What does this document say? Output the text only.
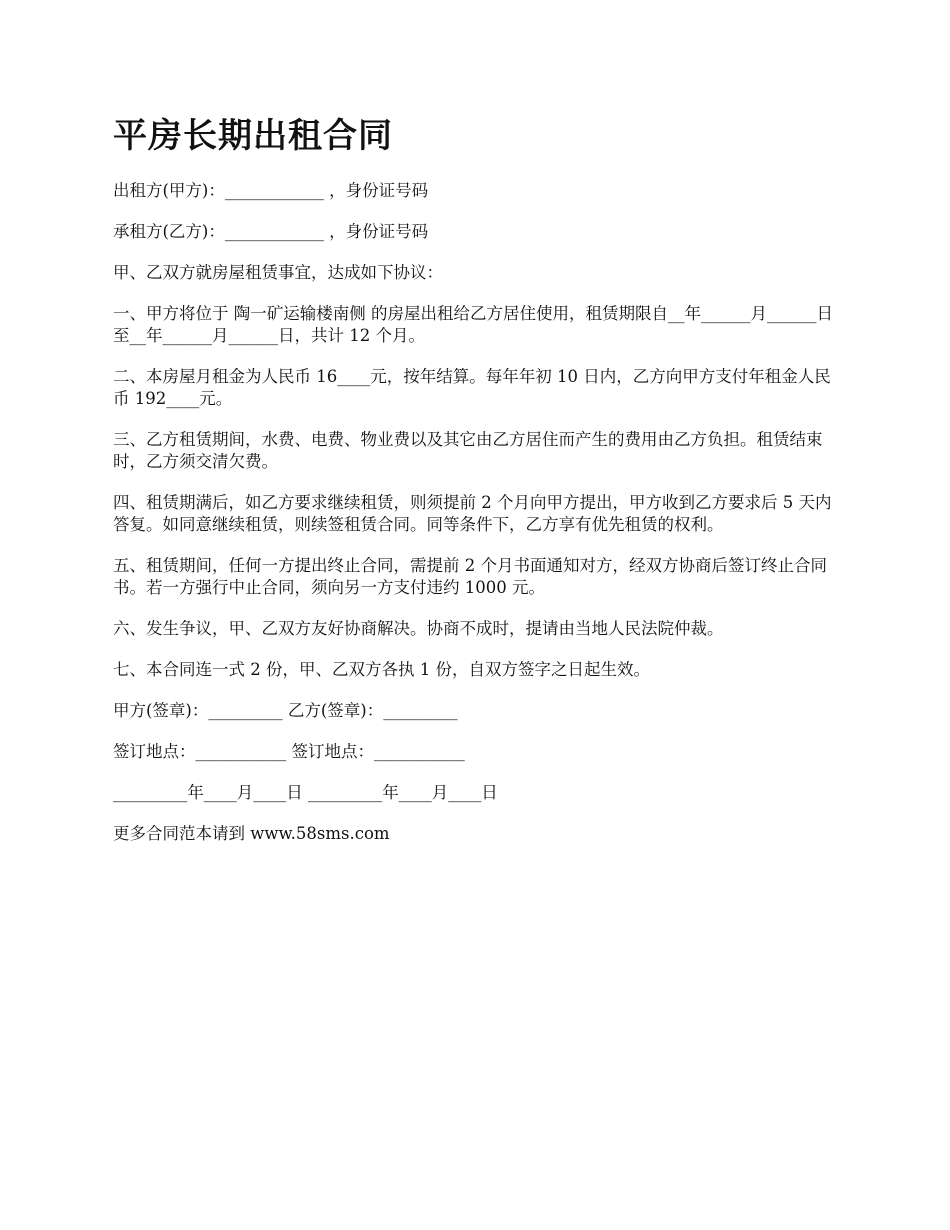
平房长期出租合同

出租方(甲方)：____________ ，身份证号码

承租方(乙方)：____________ ，身份证号码

甲、乙双方就房屋租赁事宜，达成如下协议：

一、甲方将位于 陶一矿运输楼南侧 的房屋出租给乙方居住使用，租赁期限自__年______月______日至__年______月______日，共计 12 个月。

二、本房屋月租金为人民币 16____元，按年结算。每年年初 10 日内，乙方向甲方支付年租金人民币 192____元。

三、乙方租赁期间，水费、电费、物业费以及其它由乙方居住而产生的费用由乙方负担。租赁结束时，乙方须交清欠费。

四、租赁期满后，如乙方要求继续租赁，则须提前 2 个月向甲方提出，甲方收到乙方要求后 5 天内答复。如同意继续租赁，则续签租赁合同。同等条件下，乙方享有优先租赁的权利。

五、租赁期间，任何一方提出终止合同，需提前 2 个月书面通知对方，经双方协商后签订终止合同书。若一方强行中止合同，须向另一方支付违约 1000 元。

六、发生争议，甲、乙双方友好协商解决。协商不成时，提请由当地人民法院仲裁。

七、本合同连一式 2 份，甲、乙双方各执 1 份，自双方签字之日起生效。

甲方(签章)：_________ 乙方(签章)：_________

签订地点：___________ 签订地点：___________

_________年____月____日 _________年____月____日

更多合同范本请到 www.58sms.com
